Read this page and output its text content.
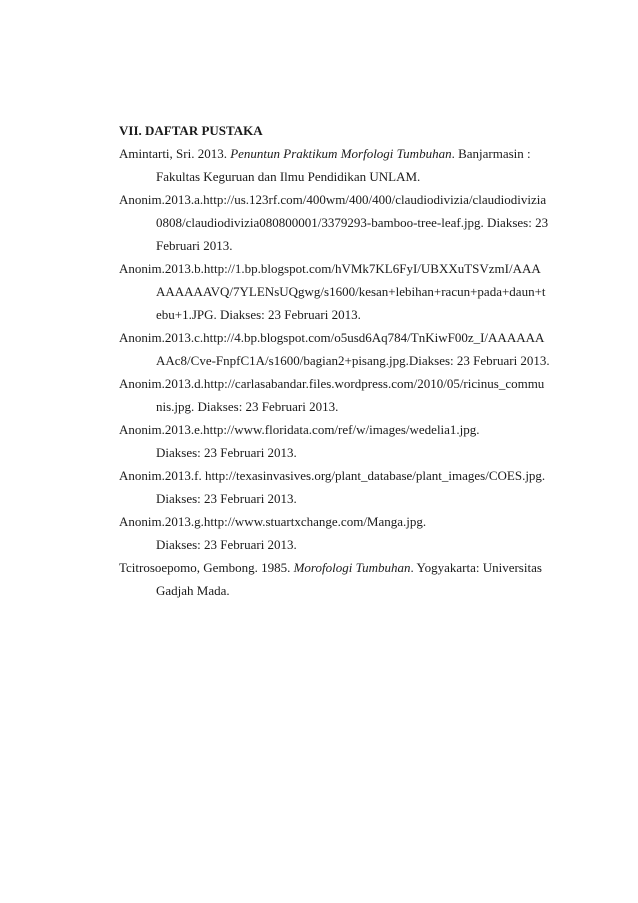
VII. DAFTAR PUSTAKA
Amintarti, Sri. 2013. Penuntun Praktikum Morfologi Tumbuhan. Banjarmasin :
Fakultas Keguruan dan Ilmu Pendidikan UNLAM.
Anonim.2013.a.http://us.123rf.com/400wm/400/400/claudiodivizia/claudiodivizia
0808/claudiodivizia080800001/3379293-bamboo-tree-leaf.jpg. Diakses: 23
Februari 2013.
Anonim.2013.b.http://1.bp.blogspot.com/hVMk7KL6FyI/UBXXuTSVzmI/AAA
AAAAAAVQ/7YLENsUQgwg/s1600/kesan+lebihan+racun+pada+daun+t
ebu+1.JPG. Diakses: 23 Februari 2013.
Anonim.2013.c.http://4.bp.blogspot.com/o5usd6Aq784/TnKiwF00z_I/AAAAAA
AAc8/Cve-FnpfC1A/s1600/bagian2+pisang.jpg.Diakses: 23 Februari 2013.
Anonim.2013.d.http://carlasabandar.files.wordpress.com/2010/05/ricinus_commu
nis.jpg. Diakses: 23 Februari 2013.
Anonim.2013.e.http://www.floridata.com/ref/w/images/wedelia1.jpg.
Diakses: 23 Februari 2013.
Anonim.2013.f. http://texasinvasives.org/plant_database/plant_images/COES.jpg.
Diakses: 23 Februari 2013.
Anonim.2013.g.http://www.stuartxchange.com/Manga.jpg.
Diakses: 23 Februari 2013.
Tcitrosoepomo, Gembong. 1985. Morofologi Tumbuhan. Yogyakarta: Universitas
Gadjah Mada.
